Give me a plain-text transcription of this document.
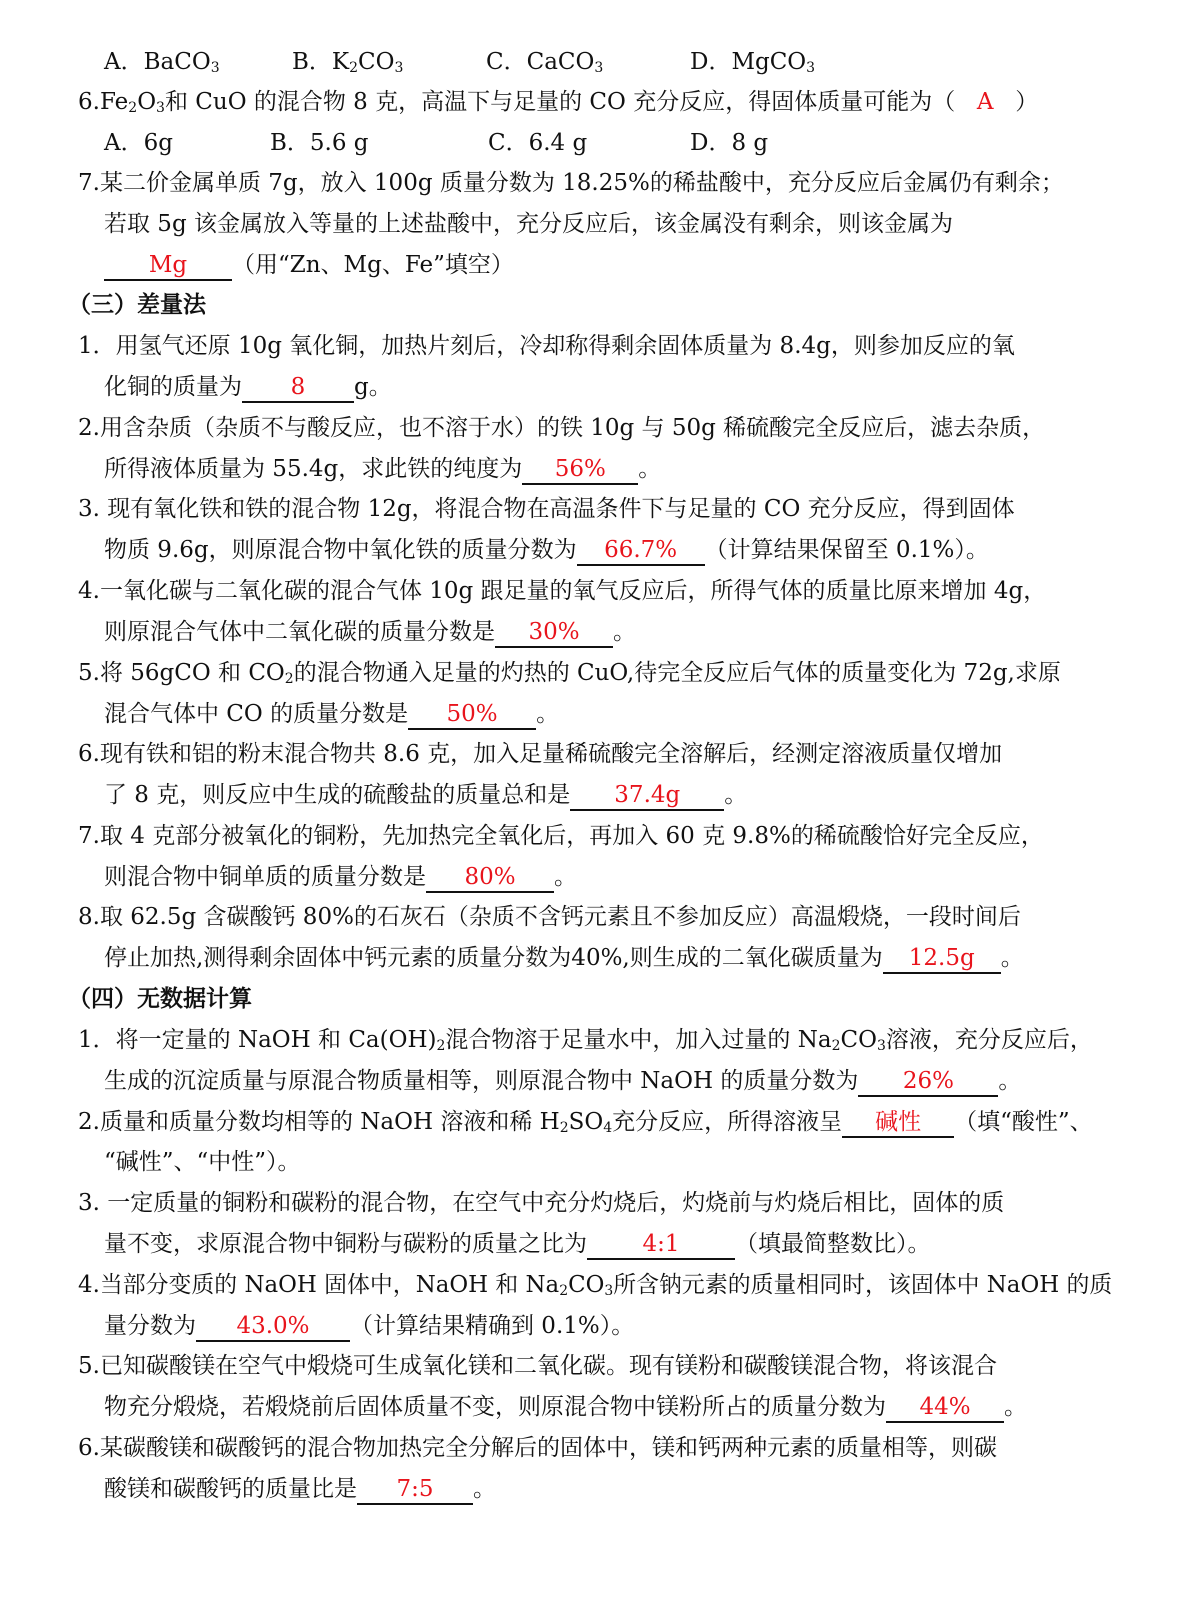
A．BaCO$_3$	B．$K_2CO_3$	C．CaCO$_3$	D．MgCO$_3$
$6.Fe_2O_3$和 CuO 的混合物 8 克，高温下与足量的 CO 充分反应，得固体质量可能为（ A ）
A．6g	B．5.6 g	C．6.4 g	D．8 g
7.某二价金属单质 7g，放入 100g 质量分数为 18.25%的稀盐酸中，充分反应后金属仍有剩余；
若取 5g 该金属放入等量的上述盐酸中，充分反应后，该金属没有剩余，则该金属为
Mg （用“Zn、Mg、Fe”填空）
（三）差量法
1．用氢气还原 10g 氧化铜，加热片刻后，冷却称得剩余固体质量为 8.4g，则参加反应的氧
化铜的质量为 8 g。
2.用含杂质（杂质不与酸反应，也不溶于水）的铁 10g 与 50g 稀硫酸完全反应后，滤去杂质，
所得液体质量为 55.4g，求此铁的纯度为 56% 。
3. 现有氧化铁和铁的混合物 12g，将混合物在高温条件下与足量的 CO 充分反应，得到固体
物质 9.6g，则原混合物中氧化铁的质量分数为 66.7% （计算结果保留至 0.1%）。
4.一氧化碳与二氧化碳的混合气体 10g 跟足量的氧气反应后，所得气体的质量比原来增加 4g，
则原混合气体中二氧化碳的质量分数是 30% 。
5.将 56gCO 和 $CO_2$的混合物通入足量的灼热的 CuO,待完全反应后气体的质量变化为 72g,求原
混合气体中 CO 的质量分数是 50% 。
6.现有铁和铝的粉末混合物共 8.6 克，加入足量稀硫酸完全溶解后，经测定溶液质量仅增加
了 8 克，则反应中生成的硫酸盐的质量总和是 37.4g 。
7.取 4 克部分被氧化的铜粉，先加热完全氧化后，再加入 60 克 9.8%的稀硫酸恰好完全反应，
则混合物中铜单质的质量分数是 80% 。
8.取 62.5g 含碳酸钙 80%的石灰石（杂质不含钙元素且不参加反应）高温煅烧，一段时间后
停止加热,测得剩余固体中钙元素的质量分数为40%,则生成的二氧化碳质量为 12.5g 。
（四）无数据计算
1．将一定量的 NaOH 和 $Ca(OH)_2$混合物溶于足量水中，加入过量的 $Na_2CO_3$溶液，充分反应后，
生成的沉淀质量与原混合物质量相等，则原混合物中 NaOH 的质量分数为 26% 。
2.质量和质量分数均相等的 NaOH 溶液和稀 $H_2SO_4$充分反应，所得溶液呈 碱性 （填“酸性”、
“碱性”、“中性”）。
3. 一定质量的铜粉和碳粉的混合物，在空气中充分灼烧后，灼烧前与灼烧后相比，固体的质
量不变，求原混合物中铜粉与碳粉的质量之比为 4:1 （填最简整数比）。
4.当部分变质的 NaOH 固体中，NaOH 和 $Na_2CO_3$所含钠元素的质量相同时，该固体中 NaOH 的质
量分数为 43.0% （计算结果精确到 0.1%）。
5.已知碳酸镁在空气中煅烧可生成氧化镁和二氧化碳。现有镁粉和碳酸镁混合物，将该混合
物充分煅烧，若煅烧前后固体质量不变，则原混合物中镁粉所占的质量分数为 44% 。
6.某碳酸镁和碳酸钙的混合物加热完全分解后的固体中，镁和钙两种元素的质量相等，则碳
酸镁和碳酸钙的质量比是 7:5 。
